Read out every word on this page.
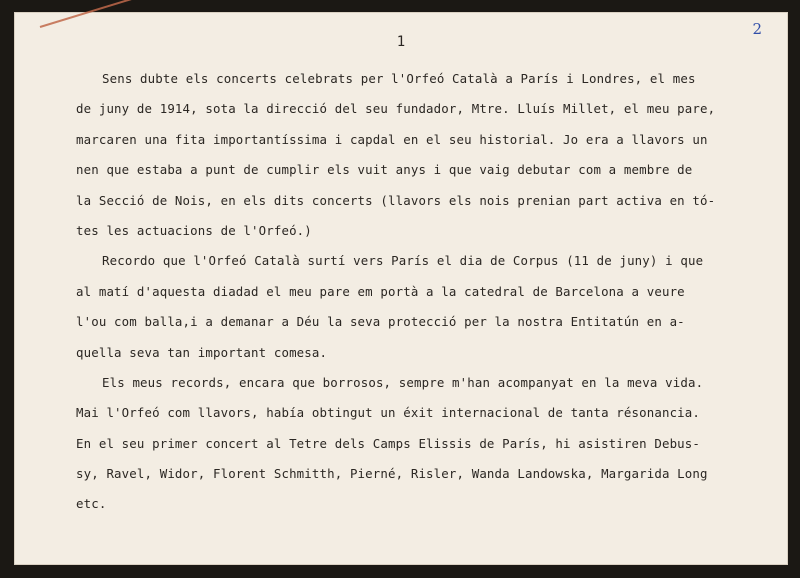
2
1
Sens dubte els concerts celebrats per l'Orfeó Català a París i Londres, el mes
de juny de 1914, sota la direcció del seu fundador, Mtre. Lluís Millet, el meu pare,
marcaren una fita importantíssima i capdal en el seu historial. Jo era a llavors un
nen que estaba a punt de cumplir els vuit anys i que vaig debutar com a membre de
la Secció de Nois, en els dits concerts (llavors els nois prenian part activa en tó-
tes les actuacions de l'Orfeó.)
Recordo que l'Orfeó Català surtí vers París el dia de Corpus (11 de juny) i que
al matí d'aquesta diadad el meu pare em portà a la catedral de Barcelona a veure
l'ou com balla,i a demanar a Déu la seva protecció per la nostra Entitatún en a-
quella seva tan important comesa.
Els meus records, encara que borrosos, sempre m'han acompanyat en la meva vida.
Mai l'Orfeó com llavors, había obtingut un éxit internacional de tanta résonancia.
En el seu primer concert al Tetre dels Camps Elissis de París, hi asistiren Debus-
sy, Ravel, Widor, Florent Schmitth, Pierné, Risler, Wanda Landowska, Margarida Long
etc.
